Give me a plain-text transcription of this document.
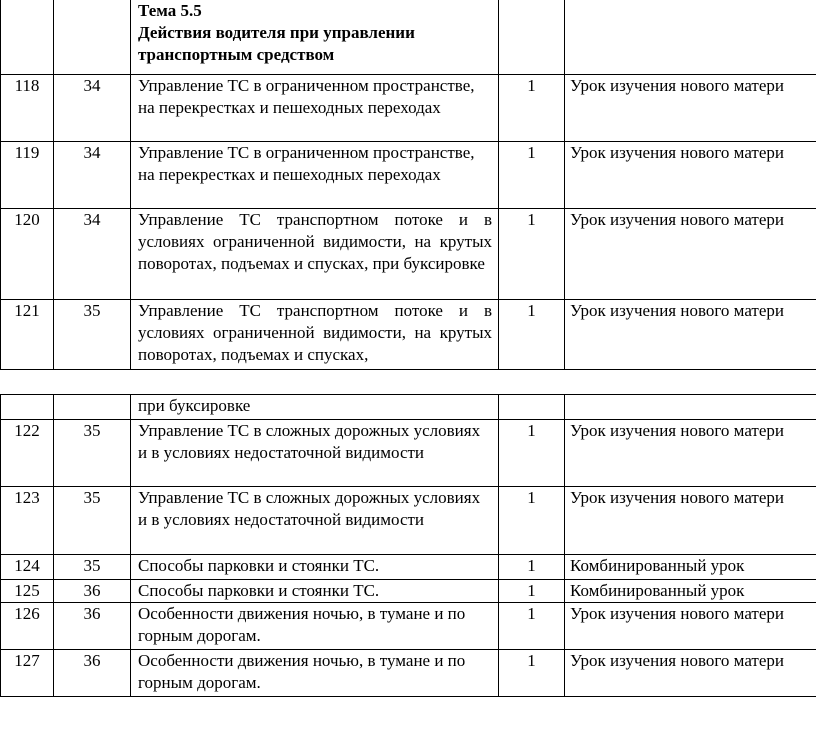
		Тема 5.5
Действия водителя при управлении транспортным средством		

118	34	Управление ТС в ограниченном пространстве, на перекрестках и пешеходных переходах	1	Урок изучения нового матери
119	34	Управление ТС в ограниченном пространстве, на перекрестках и пешеходных переходах	1	Урок изучения нового матери
120	34	Управление ТС транспортном потоке и в условиях ограниченной видимости, на крутых поворотах, подъемах и спусках, при буксировке	1	Урок изучения нового матери
121	35	Управление ТС транспортном потоке и в условиях ограниченной видимости, на крутых поворотах, подъемах и спусках,	1	Урок изучения нового матери
		при буксировке		
122	35	Управление ТС в сложных дорожных условиях и в условиях недостаточной видимости	1	Урок изучения нового матери
123	35	Управление ТС в сложных дорожных условиях и в условиях недостаточной видимости	1	Урок изучения нового матери
124	35	Способы парковки и стоянки ТС.	1	Комбинированный урок
125	36	Способы парковки и стоянки ТС.	1	Комбинированный урок
126	36	Особенности движения ночью, в тумане и по горным дорогам.	1	Урок изучения нового матери
127	36	Особенности движения ночью, в тумане и по горным дорогам.	1	Урок изучения нового матери
